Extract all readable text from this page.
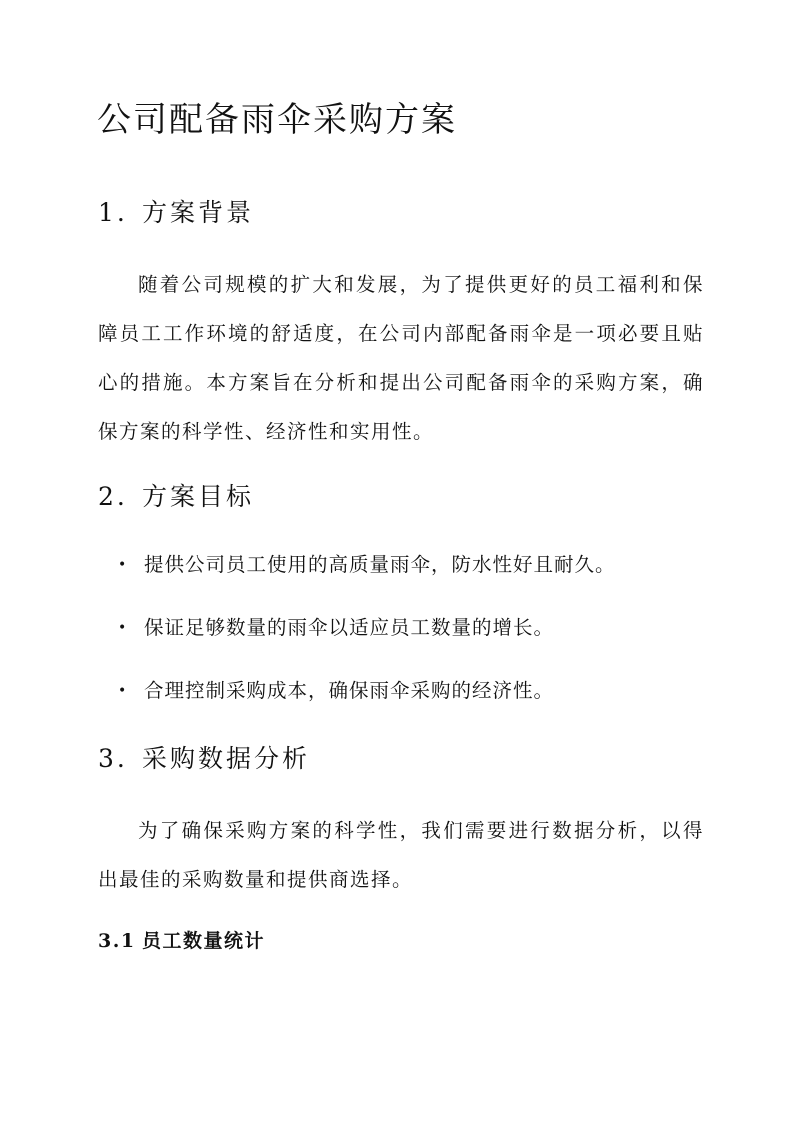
公司配备雨伞采购方案
1. 方案背景

随着公司规模的扩大和发展，为了提供更好的员工福利和保障员工工作环境的舒适度，在公司内部配备雨伞是一项必要且贴心的措施。本方案旨在分析和提出公司配备雨伞的采购方案，确保方案的科学性、经济性和实用性。

2. 方案目标
• 提供公司员工使用的高质量雨伞，防水性好且耐久。
• 保证足够数量的雨伞以适应员工数量的增长。
• 合理控制采购成本，确保雨伞采购的经济性。
3. 采购数据分析

为了确保采购方案的科学性，我们需要进行数据分析，以得出最佳的采购数量和提供商选择。

3.1 员工数量统计
